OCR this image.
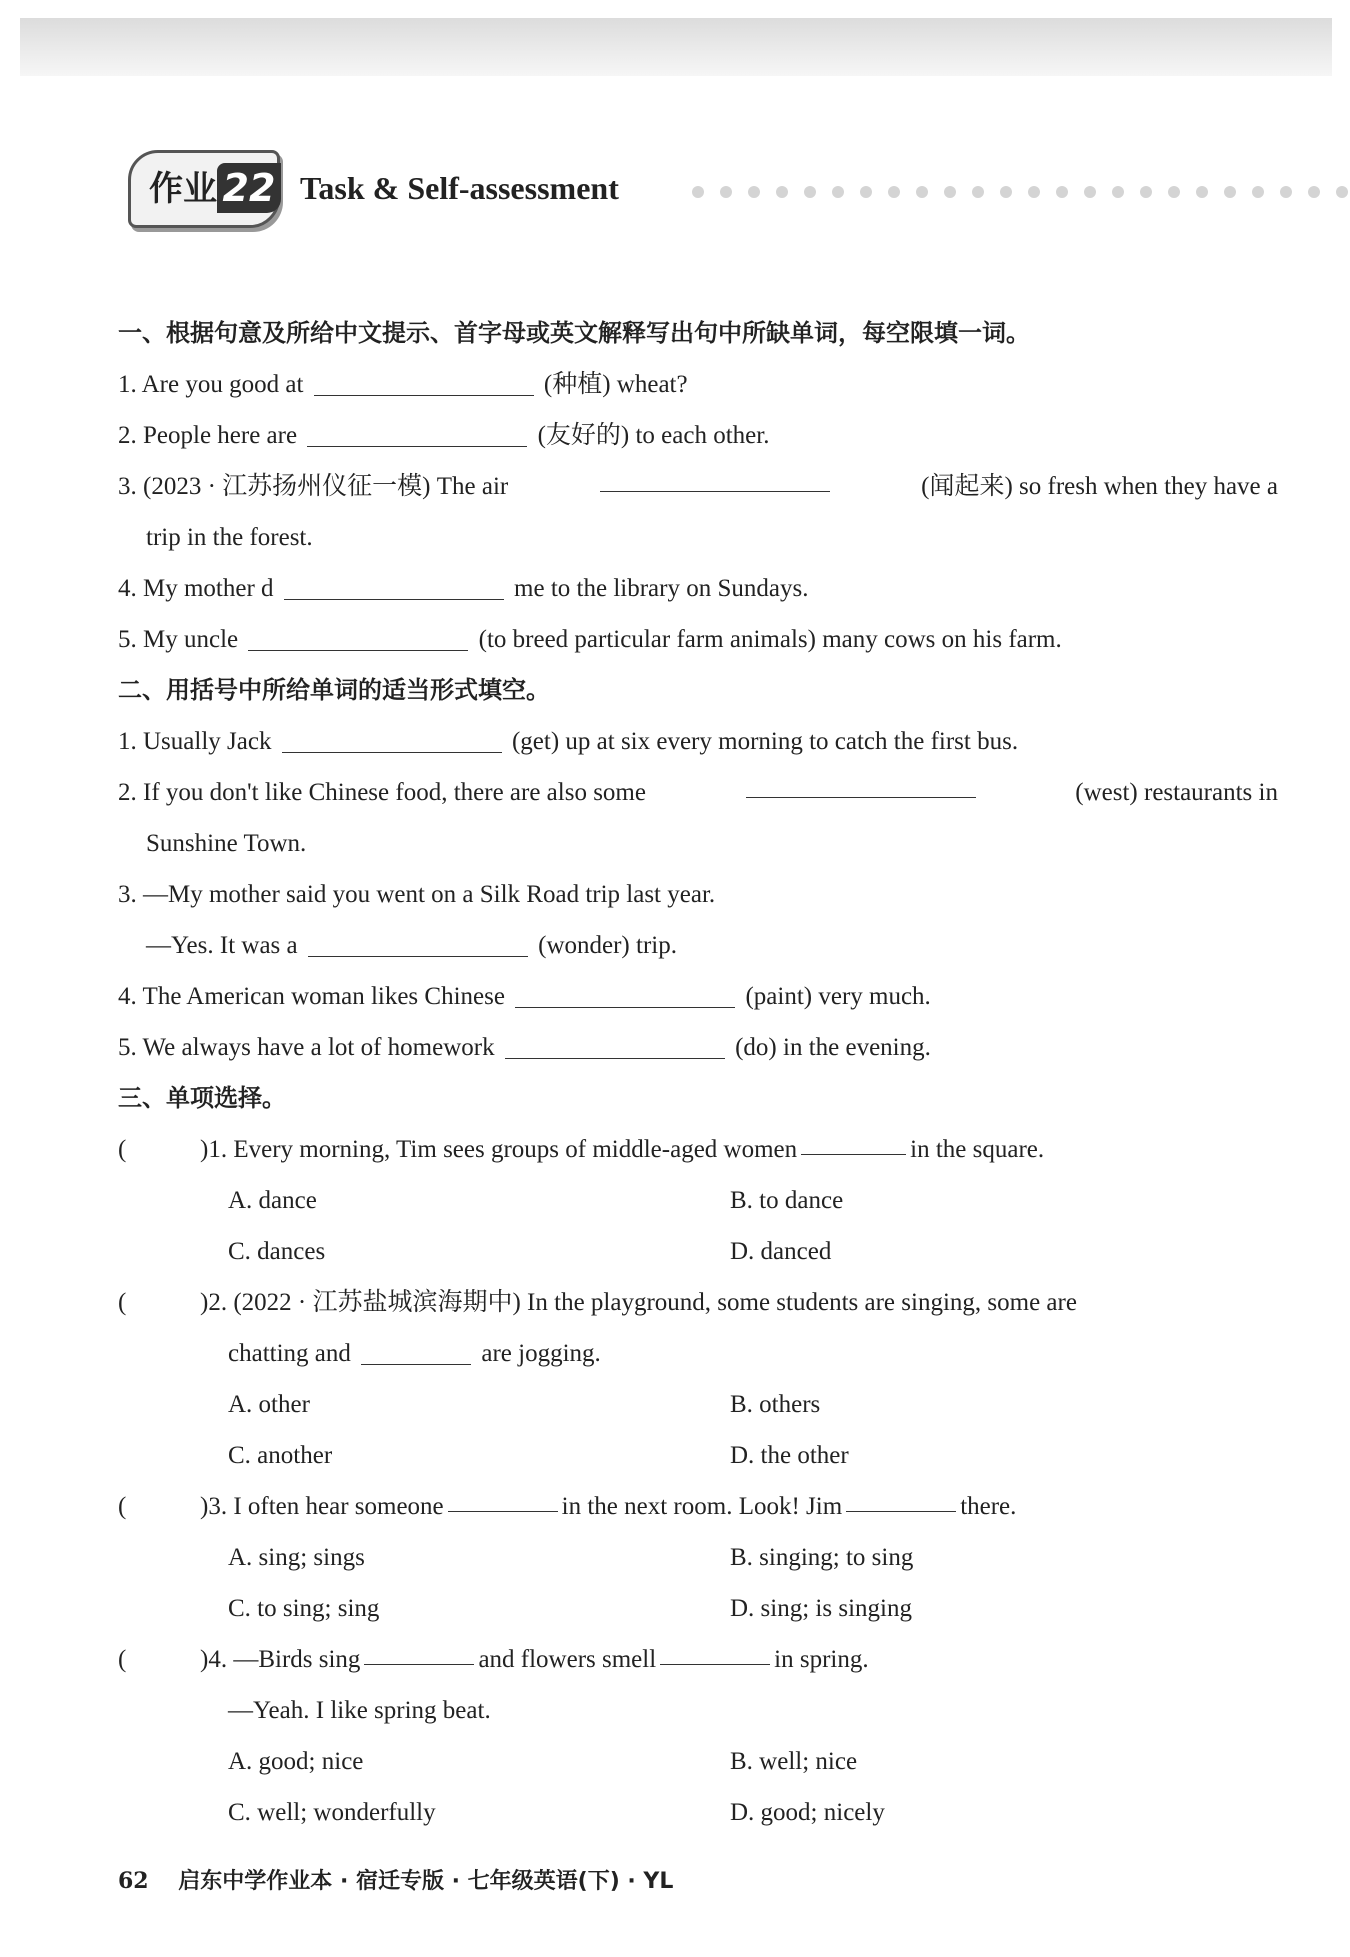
作业 22 Task & Self-assessment
一、根据句意及所给中文提示、首字母或英文解释写出句中所缺单词，每空限填一词。
1. Are you good at	(种植) wheat?
2. People here are	(友好的) to each other.
3. (2023 · 江苏扬州仪征一模) The air	(闻起来) so fresh when they have a
trip in the forest.
4. My mother d	me to the library on Sundays.
5. My uncle	(to breed particular farm animals) many cows on his farm.
二、用括号中所给单词的适当形式填空。
1. Usually Jack	(get) up at six every morning to catch the first bus.
2. If you don't like Chinese food, there are also some	(west) restaurants in
Sunshine Town.
3. —My mother said you went on a Silk Road trip last year.
—Yes. It was a	(wonder) trip.
4. The American woman likes Chinese	(paint) very much.
5. We always have a lot of homework	(do) in the evening.
三、单项选择。
(	)1. Every morning, Tim sees groups of middle-aged women	in the square.
A. dance	B. to dance
C. dances	D. danced
(	)2. (2022 · 江苏盐城滨海期中) In the playground, some students are singing, some are
chatting and	are jogging.
A. other	B. others
C. another	D. the other
(	)3. I often hear someone	in the next room. Look! Jim	there.
A. sing; sings	B. singing; to sing
C. to sing; sing	D. sing; is singing
(	)4. —Birds sing	and flowers smell	in spring.
—Yeah. I like spring beat.
A. good; nice	B. well; nice
C. well; wonderfully	D. good; nicely
62 启东中学作业本 · 宿迁专版 · 七年级英语(下) · YL
